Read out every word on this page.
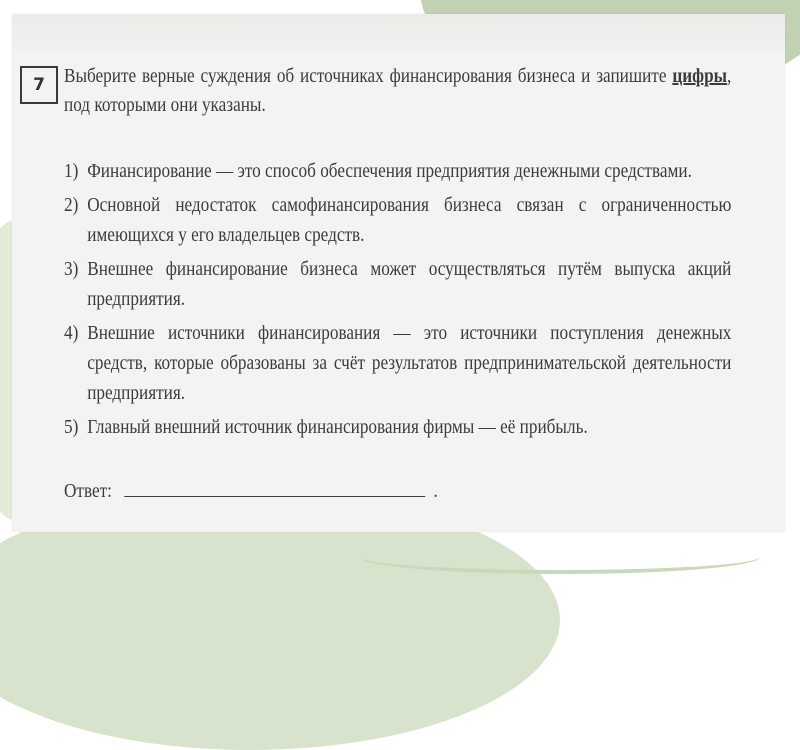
7 Выберите верные суждения об источниках финансирования бизнеса и запишите цифры, под которыми они указаны.
1) Финансирование — это способ обеспечения предприятия денежными средствами.
2) Основной недостаток самофинансирования бизнеса связан с ограниченностью имеющихся у его владельцев средств.
3) Внешнее финансирование бизнеса может осуществляться путём выпуска акций предприятия.
4) Внешние источники финансирования — это источники поступления денежных средств, которые образованы за счёт результатов предпринимательской деятельности предприятия.
5) Главный внешний источник финансирования фирмы — её прибыль.
Ответ:	.
